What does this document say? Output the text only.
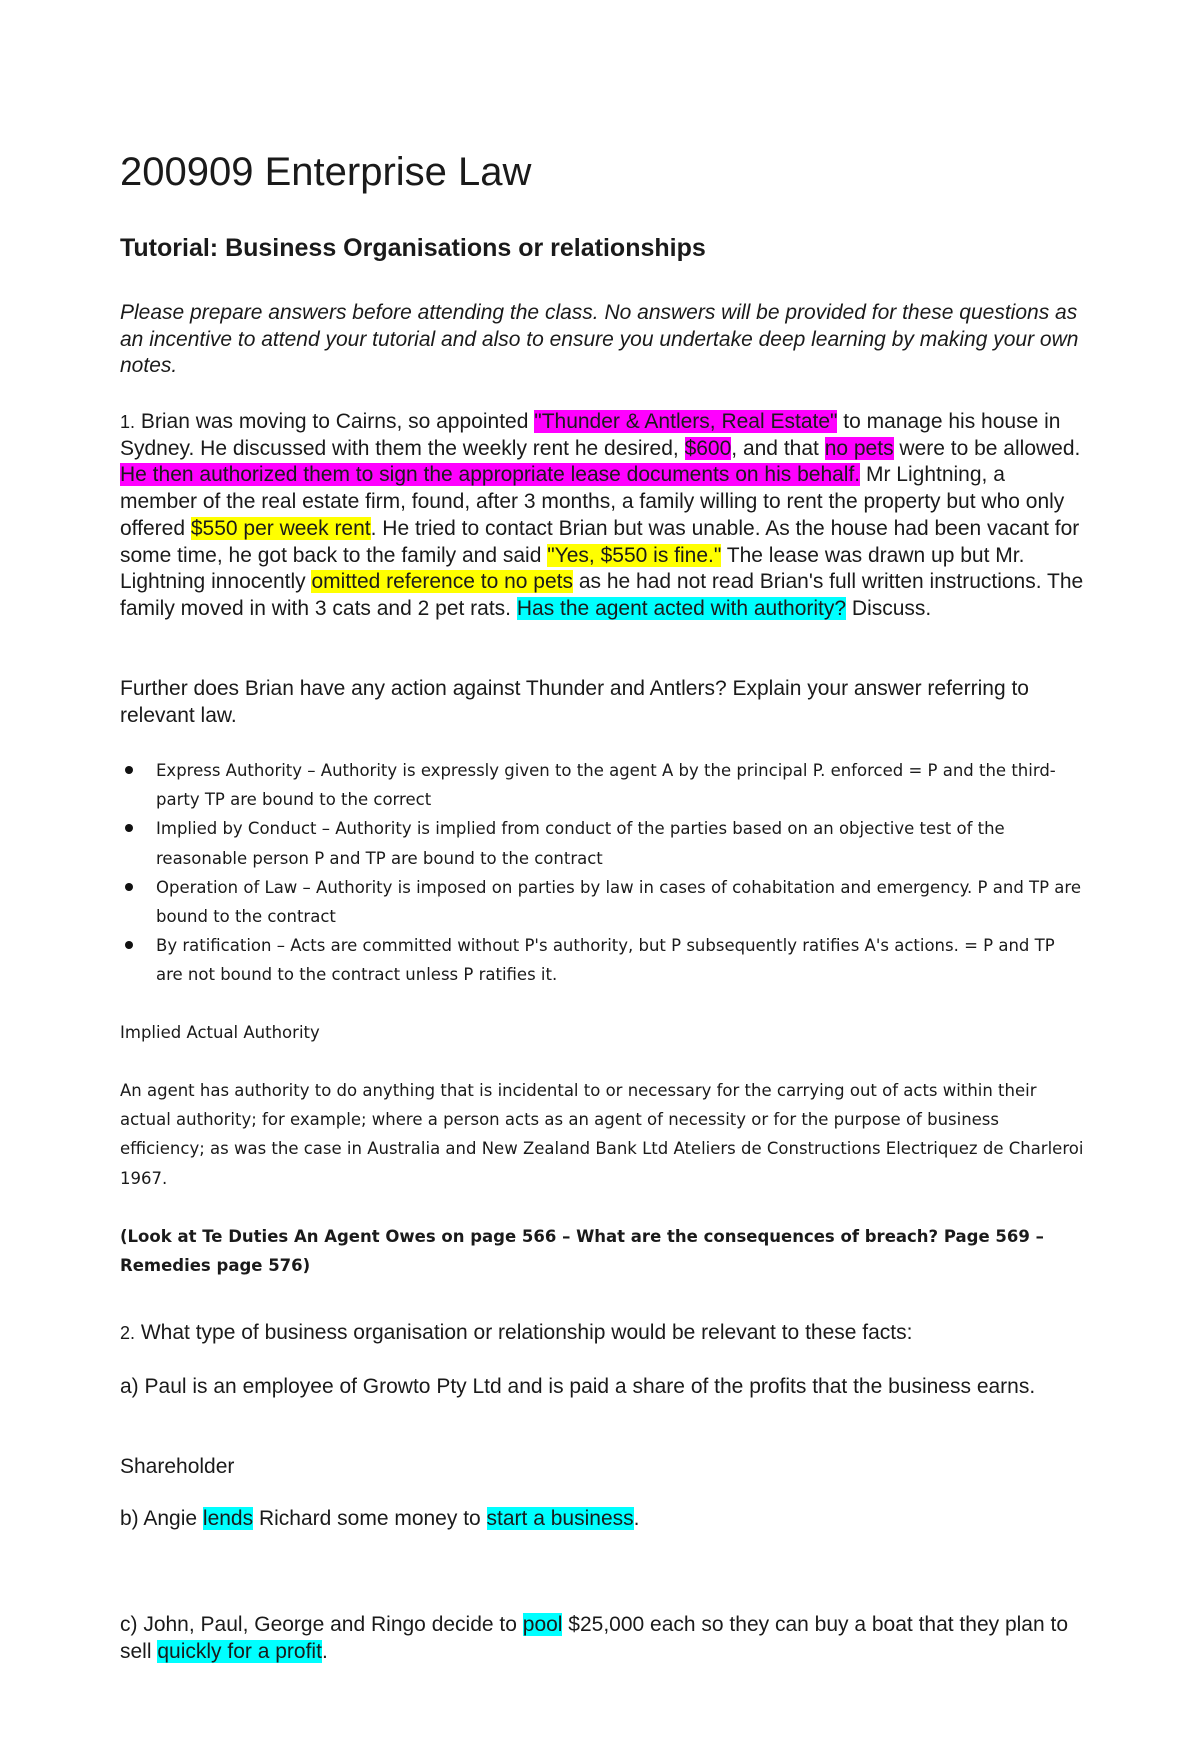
200909 Enterprise Law
Tutorial: Business Organisations or relationships

Please prepare answers before attending the class. No answers will be provided for these questions as an incentive to attend your tutorial and also to ensure you undertake deep learning by making your own notes.

1. Brian was moving to Cairns, so appointed "Thunder & Antlers, Real Estate" to manage his house in Sydney. He discussed with them the weekly rent he desired, $600, and that no pets were to be allowed. He then authorized them to sign the appropriate lease documents on his behalf. Mr Lightning, a member of the real estate firm, found, after 3 months, a family willing to rent the property but who only offered $550 per week rent. He tried to contact Brian but was unable. As the house had been vacant for some time, he got back to the family and said "Yes, $550 is fine." The lease was drawn up but Mr. Lightning innocently omitted reference to no pets as he had not read Brian's full written instructions. The family moved in with 3 cats and 2 pet rats. Has the agent acted with authority? Discuss.

Further does Brian have any action against Thunder and Antlers? Explain your answer referring to relevant law.

Express Authority – Authority is expressly given to the agent A by the principal P. enforced = P and the third-party TP are bound to the correct
Implied by Conduct – Authority is implied from conduct of the parties based on an objective test of the reasonable person P and TP are bound to the contract
Operation of Law – Authority is imposed on parties by law in cases of cohabitation and emergency. P and TP are bound to the contract
By ratification – Acts are committed without P's authority, but P subsequently ratifies A's actions. = P and TP are not bound to the contract unless P ratifies it.

Implied Actual Authority

An agent has authority to do anything that is incidental to or necessary for the carrying out of acts within their actual authority; for example; where a person acts as an agent of necessity or for the purpose of business efficiency; as was the case in Australia and New Zealand Bank Ltd Ateliers de Constructions Electriquez de Charleroi 1967.

(Look at Te Duties An Agent Owes on page 566 – What are the consequences of breach? Page 569 – Remedies page 576)

2. What type of business organisation or relationship would be relevant to these facts:

a) Paul is an employee of Growto Pty Ltd and is paid a share of the profits that the business earns.

Shareholder

b) Angie lends Richard some money to start a business.

c) John, Paul, George and Ringo decide to pool $25,000 each so they can buy a boat that they plan to sell quickly for a profit.
